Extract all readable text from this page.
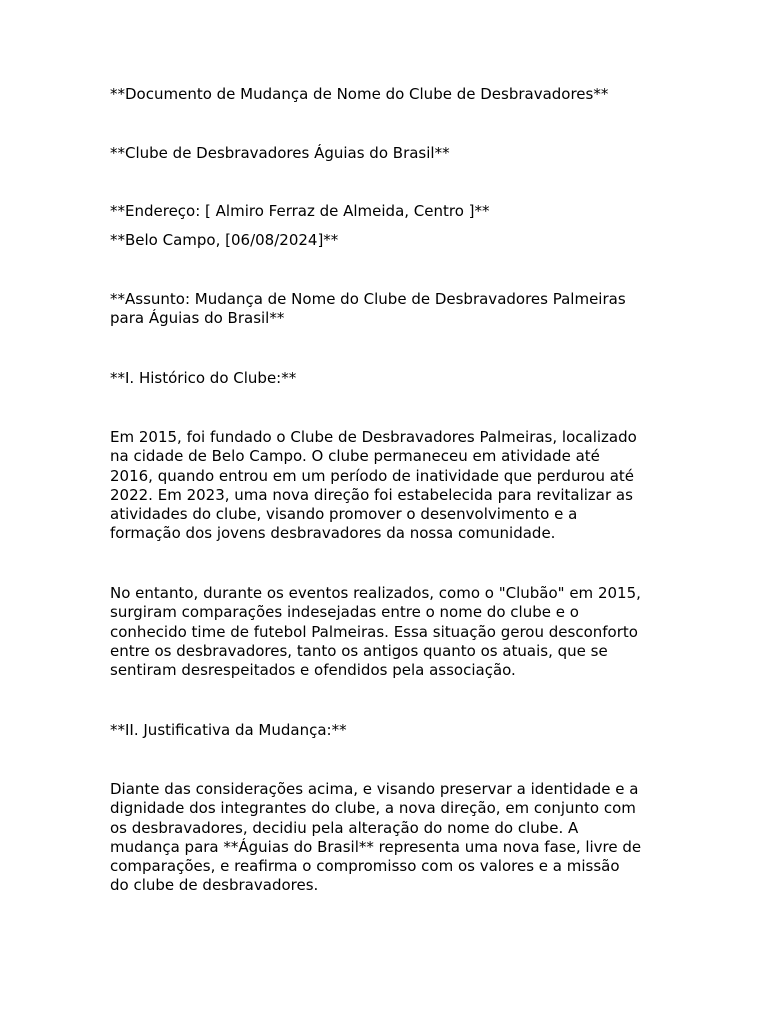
**Documento de Mudança de Nome do Clube de Desbravadores**
**Clube de Desbravadores Águias do Brasil**
**Endereço: [ Almiro Ferraz de Almeida, Centro ]**
**Belo Campo, [06/08/2024]**
**Assunto: Mudança de Nome do Clube de Desbravadores Palmeiras
para Águias do Brasil**
**I. Histórico do Clube:**
Em 2015, foi fundado o Clube de Desbravadores Palmeiras, localizado
na cidade de Belo Campo. O clube permaneceu em atividade até
2016, quando entrou em um período de inatividade que perdurou até
2022. Em 2023, uma nova direção foi estabelecida para revitalizar as
atividades do clube, visando promover o desenvolvimento e a
formação dos jovens desbravadores da nossa comunidade.
No entanto, durante os eventos realizados, como o "Clubão" em 2015,
surgiram comparações indesejadas entre o nome do clube e o
conhecido time de futebol Palmeiras. Essa situação gerou desconforto
entre os desbravadores, tanto os antigos quanto os atuais, que se
sentiram desrespeitados e ofendidos pela associação.
**II. Justificativa da Mudança:**
Diante das considerações acima, e visando preservar a identidade e a
dignidade dos integrantes do clube, a nova direção, em conjunto com
os desbravadores, decidiu pela alteração do nome do clube. A
mudança para **Águias do Brasil** representa uma nova fase, livre de
comparações, e reafirma o compromisso com os valores e a missão
do clube de desbravadores.
